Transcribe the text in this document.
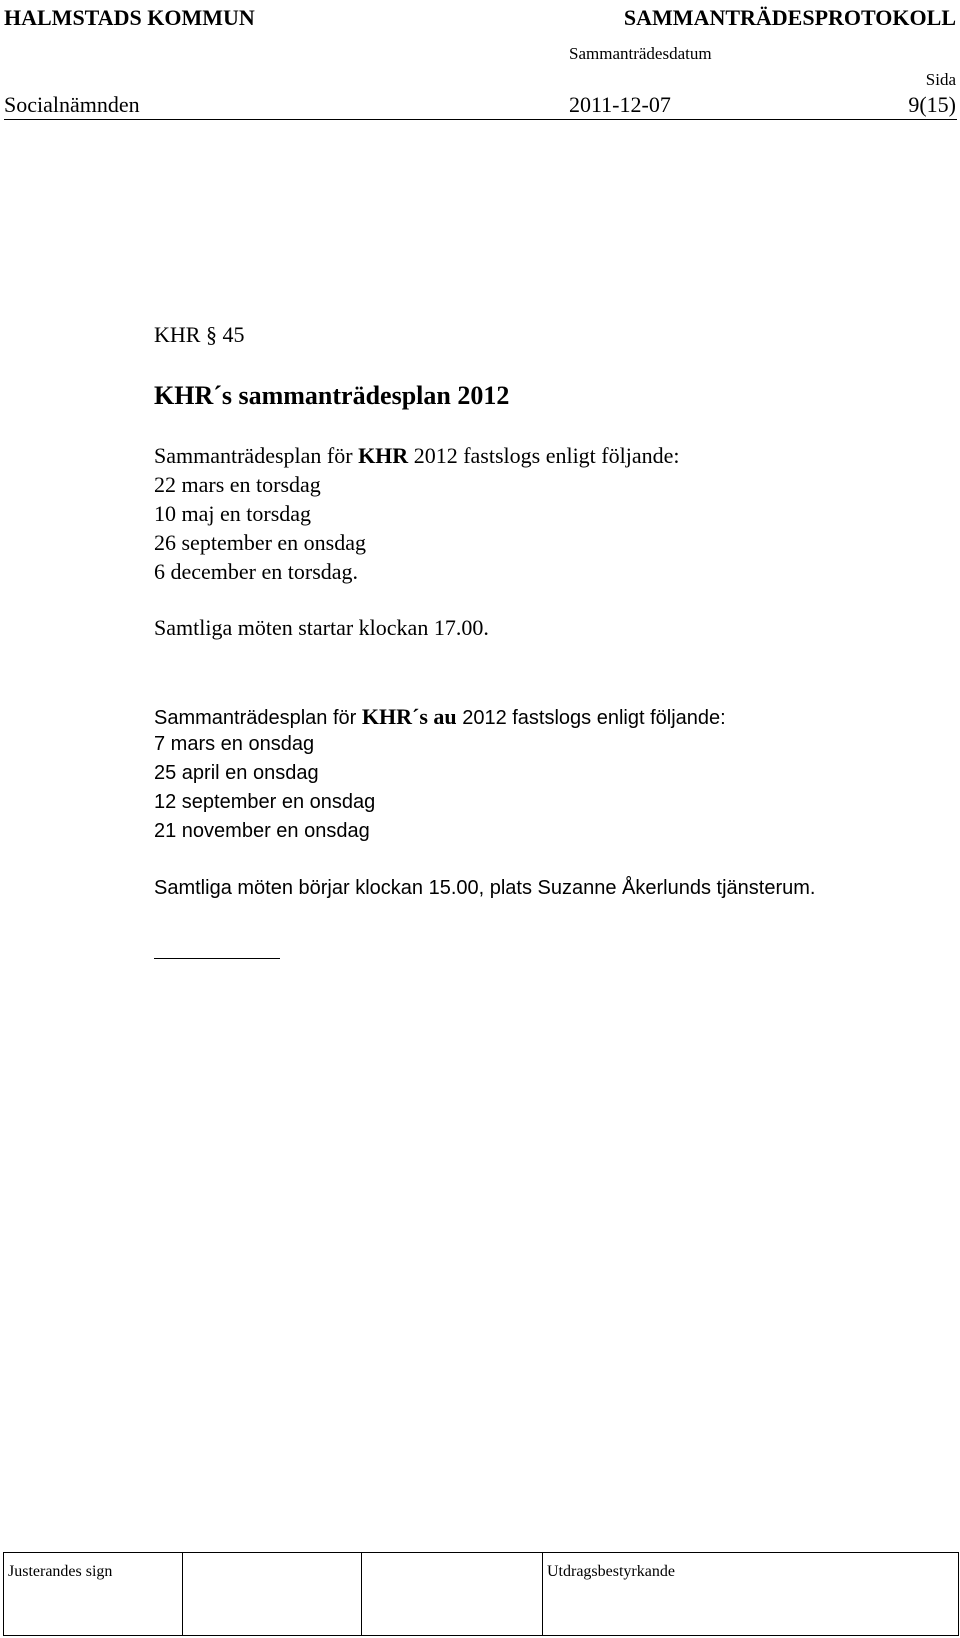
HALMSTADS KOMMUN	SAMMANTRÄDESPROTOKOLL
Sammanträdesdatum
Sida
Socialnämnden	2011-12-07	9(15)
KHR § 45
KHR´s sammanträdesplan 2012
Sammanträdesplan för KHR 2012 fastslogs enligt följande:
22 mars en torsdag
10 maj en torsdag
26 september en onsdag
6 december en torsdag.
Samtliga möten startar klockan 17.00.
Sammanträdesplan för KHR´s au 2012 fastslogs enligt följande:
7 mars en onsdag
25 april en onsdag
12 september en onsdag
21 november en onsdag
Samtliga möten börjar klockan 15.00, plats Suzanne Åkerlunds tjänsterum.
Justerandes sign			Utdragsbestyrkande
